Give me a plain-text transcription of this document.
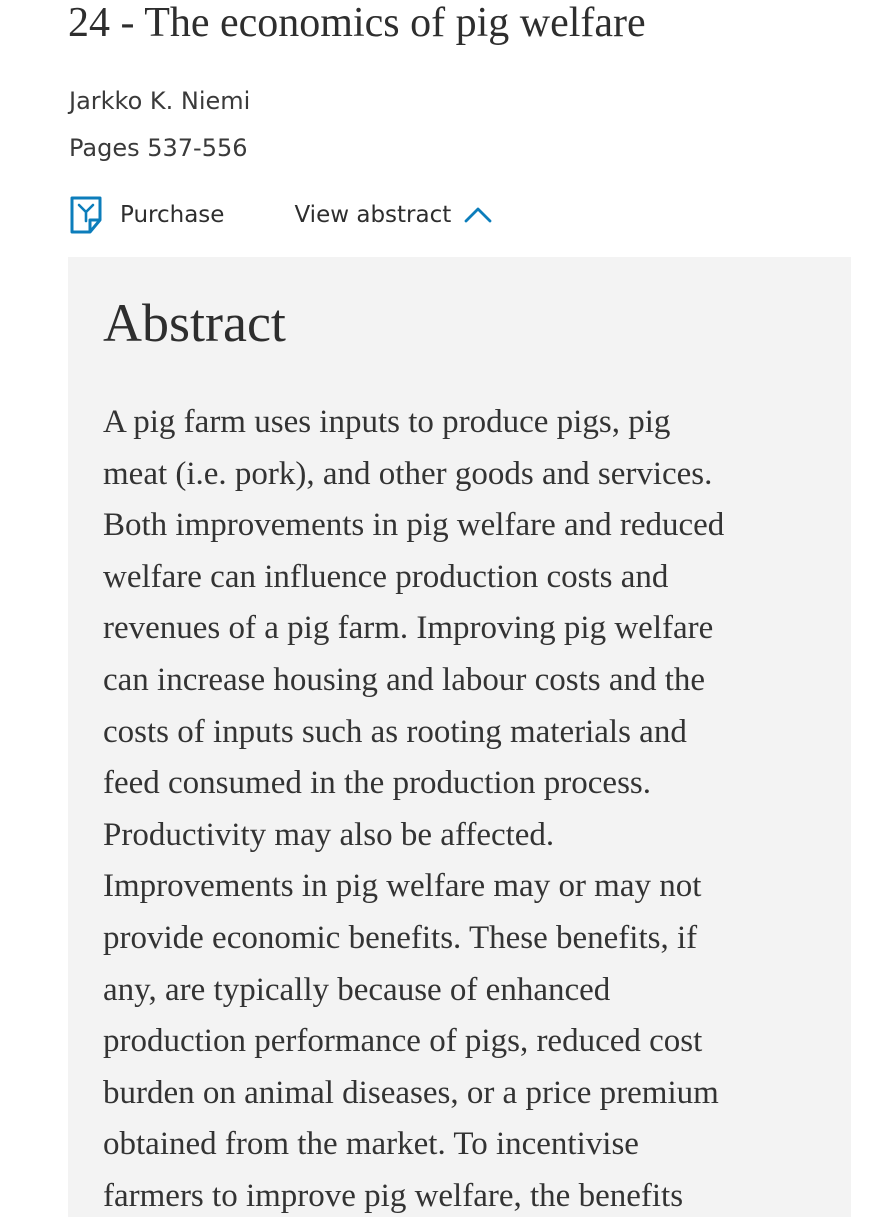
24 - The economics of pig welfare
Jarkko K. Niemi
Pages 537-556
Purchase	View abstract
Abstract

A pig farm uses inputs to produce pigs, pig
meat (i.e. pork), and other goods and services.
Both improvements in pig welfare and reduced
welfare can influence production costs and
revenues of a pig farm. Improving pig welfare
can increase housing and labour costs and the
costs of inputs such as rooting materials and
feed consumed in the production process.
Productivity may also be affected.
Improvements in pig welfare may or may not
provide economic benefits. These benefits, if
any, are typically because of enhanced
production performance of pigs, reduced cost
burden on animal diseases, or a price premium
obtained from the market. To incentivise
farmers to improve pig welfare, the benefits
